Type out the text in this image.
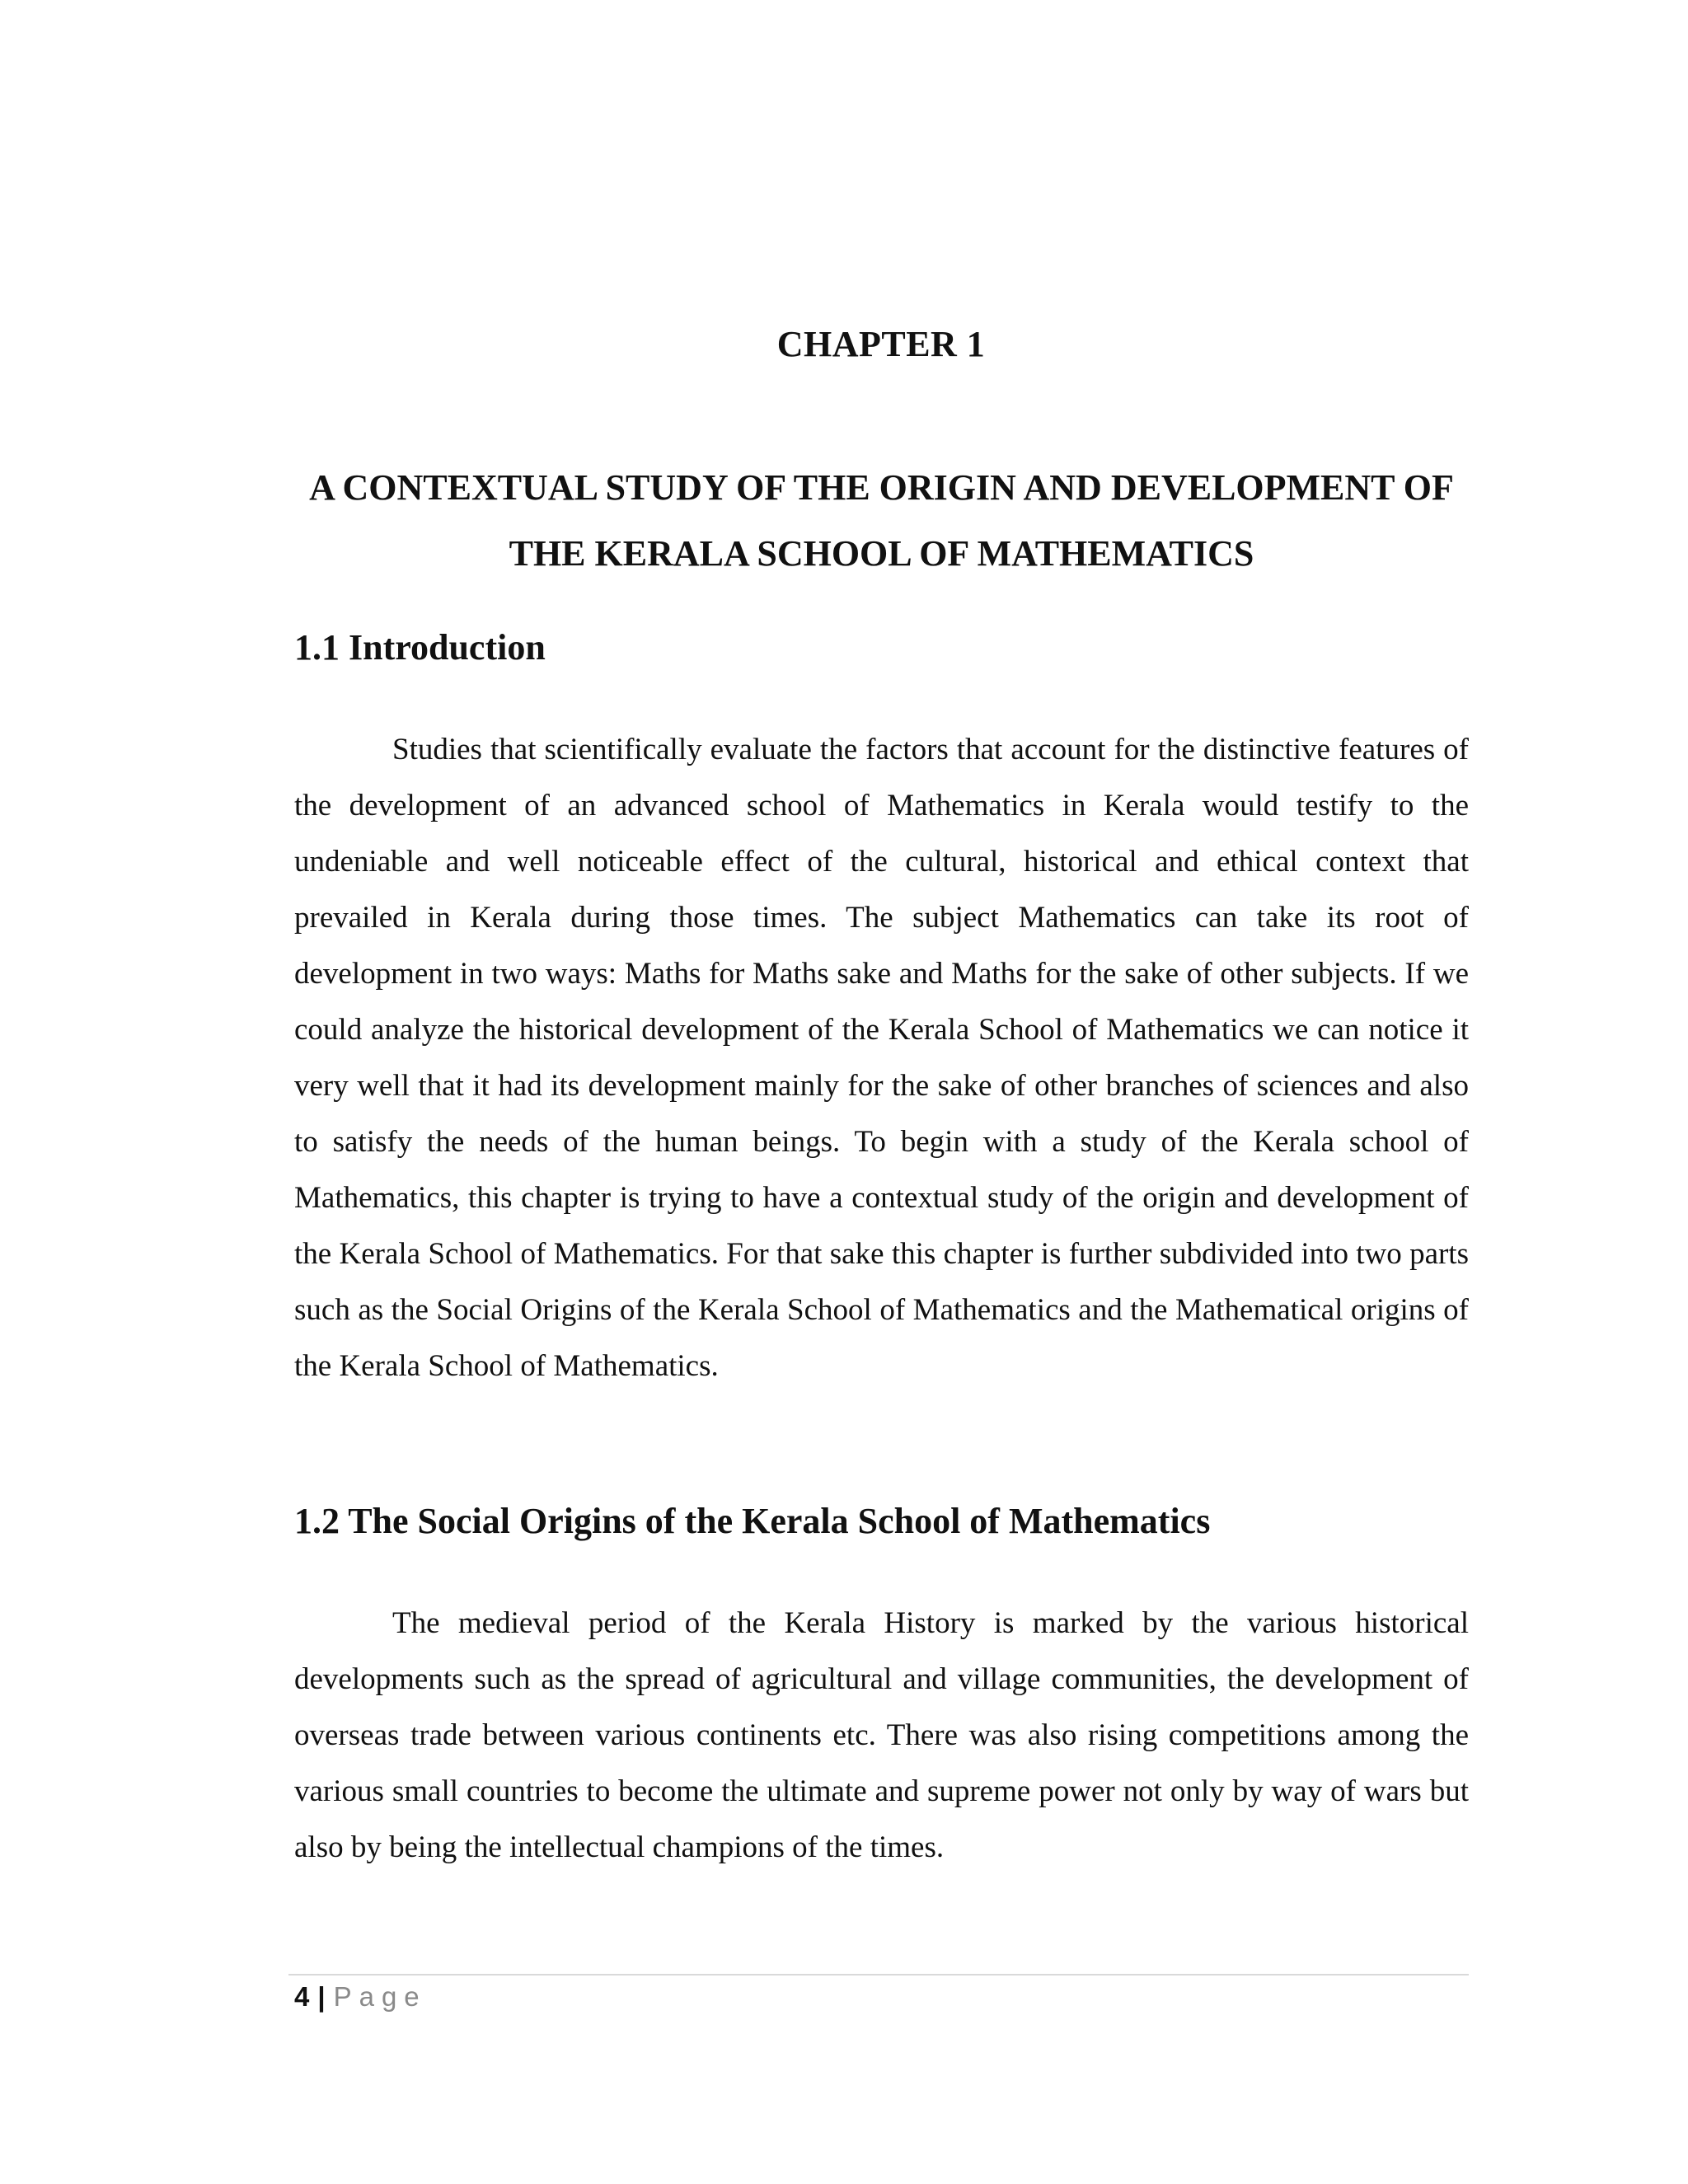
CHAPTER 1
A CONTEXTUAL STUDY OF THE ORIGIN AND DEVELOPMENT OF THE KERALA SCHOOL OF MATHEMATICS
1.1 Introduction

Studies that scientifically evaluate the factors that account for the distinctive features of the development of an advanced school of Mathematics in Kerala would testify to the undeniable and well noticeable effect of the cultural, historical and ethical context that prevailed in Kerala during those times. The subject Mathematics can take its root of development in two ways: Maths for Maths sake and Maths for the sake of other subjects. If we could analyze the historical development of the Kerala School of Mathematics we can notice it very well that it had its development mainly for the sake of other branches of sciences and also to satisfy the needs of the human beings. To begin with a study of the Kerala school of Mathematics, this chapter is trying to have a contextual study of the origin and development of the Kerala School of Mathematics. For that sake this chapter is further subdivided into two parts such as the Social Origins of the Kerala School of Mathematics and the Mathematical origins of the Kerala School of Mathematics.

1.2 The Social Origins of the Kerala School of Mathematics

The medieval period of the Kerala History is marked by the various historical developments such as the spread of agricultural and village communities, the development of overseas trade between various continents etc. There was also rising competitions among the various small countries to become the ultimate and supreme power not only by way of wars but also by being the intellectual champions of the times.

4 | Page
